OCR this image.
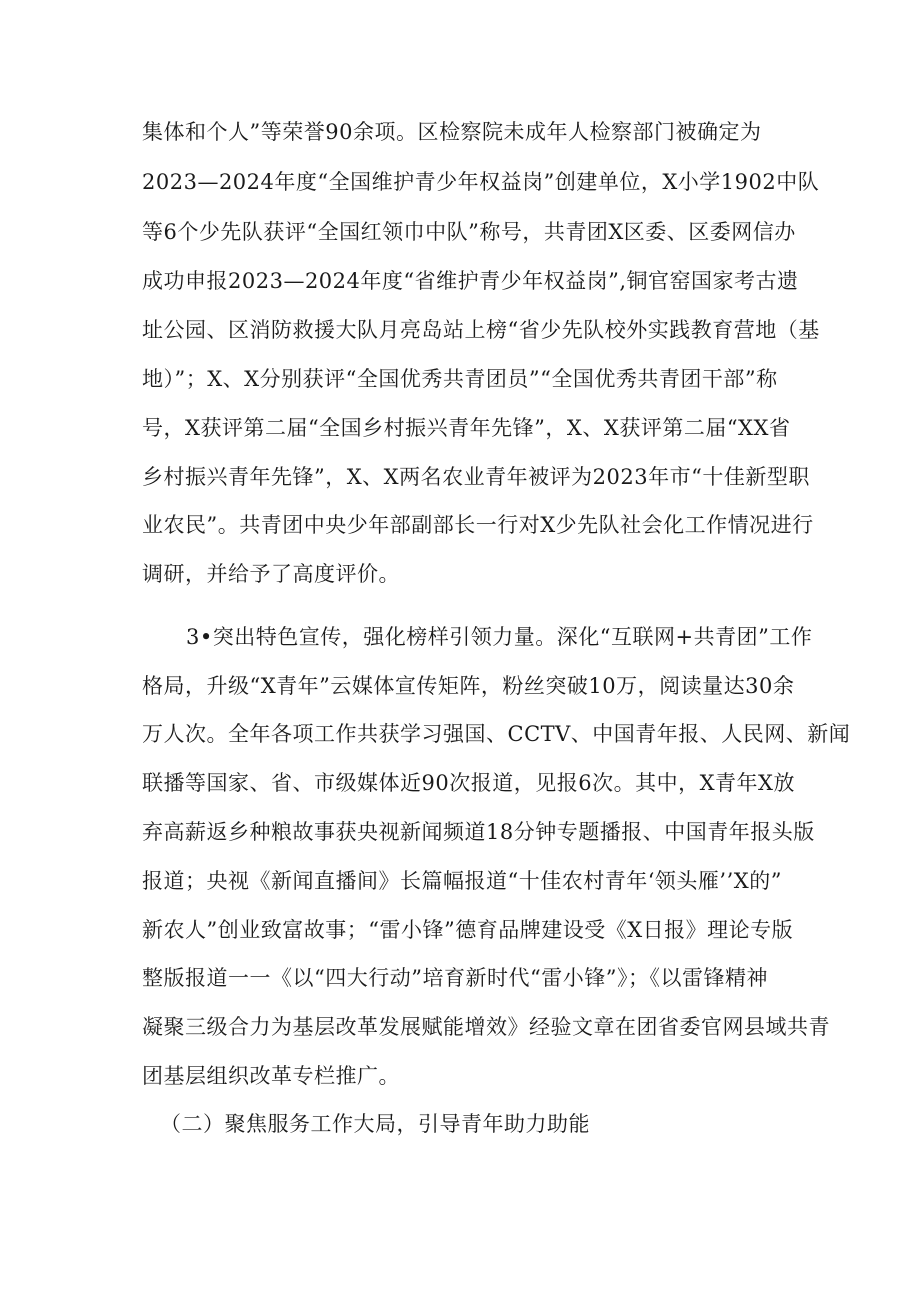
集体和个人”等荣誉90余项。区检察院未成年人检察部门被确定为
2023—2024年度“全国维护青少年权益岗”创建单位，X小学1902中队
等6个少先队获评“全国红领巾中队”称号，共青团X区委、区委网信办
成功申报2023—2024年度“省维护青少年权益岗”,铜官窑国家考古遗
址公园、区消防救援大队月亮岛站上榜“省少先队校外实践教育营地（基
地）”；X、X分别获评“全国优秀共青团员”“全国优秀共青团干部”称
号，X获评第二届“全国乡村振兴青年先锋”，X、X获评第二届“XX省
乡村振兴青年先锋”，X、X两名农业青年被评为2023年市“十佳新型职
业农民”。共青团中央少年部副部长一行对X少先队社会化工作情况进行
调研，并给予了高度评价。
3•突出特色宣传，强化榜样引领力量。深化“互联网+共青团”工作
格局，升级“X青年”云媒体宣传矩阵，粉丝突破10万，阅读量达30余
万人次。全年各项工作共获学习强国、CCTV、中国青年报、人民网、新闻
联播等国家、省、市级媒体近90次报道，见报6次。其中，X青年X放
弃高薪返乡种粮故事获央视新闻频道18分钟专题播报、中国青年报头版
报道；央视《新闻直播间》长篇幅报道“十佳农村青年‘领头雁’’X的”
新农人”创业致富故事；“雷小锋”德育品牌建设受《X日报》理论专版
整版报道一一《以“四大行动”培育新时代“雷小锋”》；《以雷锋精神
凝聚三级合力为基层改革发展赋能增效》经验文章在团省委官网县域共青
团基层组织改革专栏推广。
（二）聚焦服务工作大局，引导青年助力助能
